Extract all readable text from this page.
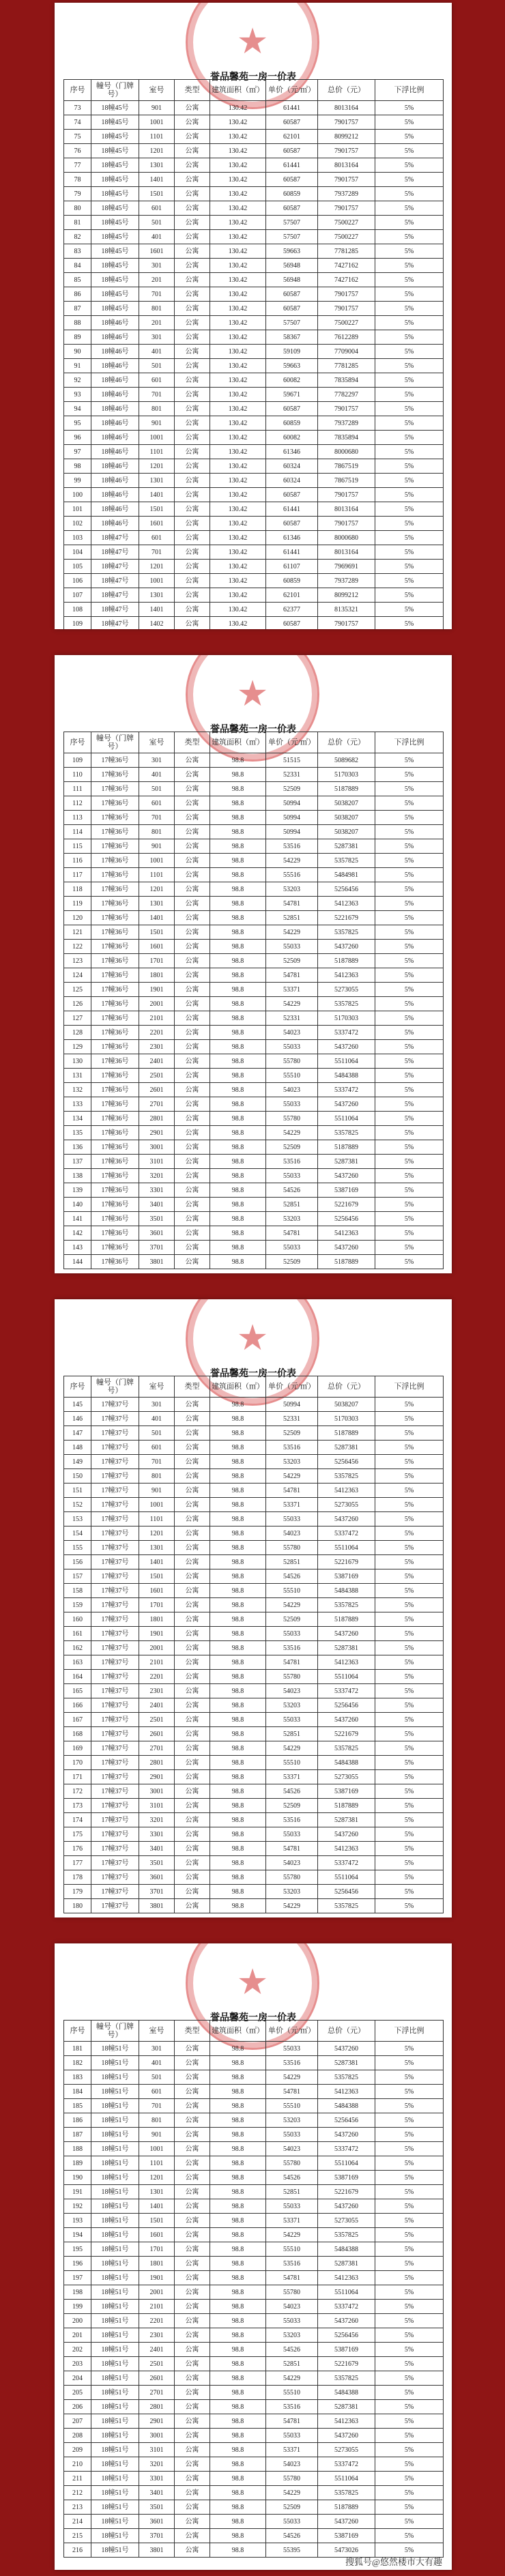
★
誉品馨苑一房一价表
序号	幢号（门牌号）	室号	类型	建筑面积（㎡）	单价（元/㎡）	总价（元）	下浮比例
73	18幢45号	901	公寓	130.42	61441	8013164	5%
74	18幢45号	1001	公寓	130.42	60587	7901757	5%
75	18幢45号	1101	公寓	130.42	62101	8099212	5%
76	18幢45号	1201	公寓	130.42	60587	7901757	5%
77	18幢45号	1301	公寓	130.42	61441	8013164	5%
78	18幢45号	1401	公寓	130.42	60587	7901757	5%
79	18幢45号	1501	公寓	130.42	60859	7937289	5%
80	18幢45号	601	公寓	130.42	60587	7901757	5%
81	18幢45号	501	公寓	130.42	57507	7500227	5%
82	18幢45号	401	公寓	130.42	57507	7500227	5%
83	18幢45号	1601	公寓	130.42	59663	7781285	5%
84	18幢45号	301	公寓	130.42	56948	7427162	5%
85	18幢45号	201	公寓	130.42	56948	7427162	5%
86	18幢45号	701	公寓	130.42	60587	7901757	5%
87	18幢45号	801	公寓	130.42	60587	7901757	5%
88	18幢46号	201	公寓	130.42	57507	7500227	5%
89	18幢46号	301	公寓	130.42	58367	7612289	5%
90	18幢46号	401	公寓	130.42	59109	7709004	5%
91	18幢46号	501	公寓	130.42	59663	7781285	5%
92	18幢46号	601	公寓	130.42	60082	7835894	5%
93	18幢46号	701	公寓	130.42	59671	7782297	5%
94	18幢46号	801	公寓	130.42	60587	7901757	5%
95	18幢46号	901	公寓	130.42	60859	7937289	5%
96	18幢46号	1001	公寓	130.42	60082	7835894	5%
97	18幢46号	1101	公寓	130.42	61346	8000680	5%
98	18幢46号	1201	公寓	130.42	60324	7867519	5%
99	18幢46号	1301	公寓	130.42	60324	7867519	5%
100	18幢46号	1401	公寓	130.42	60587	7901757	5%
101	18幢46号	1501	公寓	130.42	61441	8013164	5%
102	18幢46号	1601	公寓	130.42	60587	7901757	5%
103	18幢47号	601	公寓	130.42	61346	8000680	5%
104	18幢47号	701	公寓	130.42	61441	8013164	5%
105	18幢47号	1201	公寓	130.42	61107	7969691	5%
106	18幢47号	1001	公寓	130.42	60859	7937289	5%
107	18幢47号	1301	公寓	130.42	62101	8099212	5%
108	18幢47号	1401	公寓	130.42	62377	8135321	5%
109	18幢47号	1402	公寓	130.42	60587	7901757	5%
★
誉品馨苑一房一价表
序号	幢号（门牌号）	室号	类型	建筑面积（㎡）	单价（元/㎡）	总价（元）	下浮比例
109	17幢36号	301	公寓	98.8	51515	5089682	5%
110	17幢36号	401	公寓	98.8	52331	5170303	5%
111	17幢36号	501	公寓	98.8	52509	5187889	5%
112	17幢36号	601	公寓	98.8	50994	5038207	5%
113	17幢36号	701	公寓	98.8	50994	5038207	5%
114	17幢36号	801	公寓	98.8	50994	5038207	5%
115	17幢36号	901	公寓	98.8	53516	5287381	5%
116	17幢36号	1001	公寓	98.8	54229	5357825	5%
117	17幢36号	1101	公寓	98.8	55516	5484981	5%
118	17幢36号	1201	公寓	98.8	53203	5256456	5%
119	17幢36号	1301	公寓	98.8	54781	5412363	5%
120	17幢36号	1401	公寓	98.8	52851	5221679	5%
121	17幢36号	1501	公寓	98.8	54229	5357825	5%
122	17幢36号	1601	公寓	98.8	55033	5437260	5%
123	17幢36号	1701	公寓	98.8	52509	5187889	5%
124	17幢36号	1801	公寓	98.8	54781	5412363	5%
125	17幢36号	1901	公寓	98.8	53371	5273055	5%
126	17幢36号	2001	公寓	98.8	54229	5357825	5%
127	17幢36号	2101	公寓	98.8	52331	5170303	5%
128	17幢36号	2201	公寓	98.8	54023	5337472	5%
129	17幢36号	2301	公寓	98.8	55033	5437260	5%
130	17幢36号	2401	公寓	98.8	55780	5511064	5%
131	17幢36号	2501	公寓	98.8	55510	5484388	5%
132	17幢36号	2601	公寓	98.8	54023	5337472	5%
133	17幢36号	2701	公寓	98.8	55033	5437260	5%
134	17幢36号	2801	公寓	98.8	55780	5511064	5%
135	17幢36号	2901	公寓	98.8	54229	5357825	5%
136	17幢36号	3001	公寓	98.8	52509	5187889	5%
137	17幢36号	3101	公寓	98.8	53516	5287381	5%
138	17幢36号	3201	公寓	98.8	55033	5437260	5%
139	17幢36号	3301	公寓	98.8	54526	5387169	5%
140	17幢36号	3401	公寓	98.8	52851	5221679	5%
141	17幢36号	3501	公寓	98.8	53203	5256456	5%
142	17幢36号	3601	公寓	98.8	54781	5412363	5%
143	17幢36号	3701	公寓	98.8	55033	5437260	5%
144	17幢36号	3801	公寓	98.8	52509	5187889	5%
★
誉品馨苑一房一价表
序号	幢号（门牌号）	室号	类型	建筑面积（㎡）	单价（元/㎡）	总价（元）	下浮比例
145	17幢37号	301	公寓	98.8	50994	5038207	5%
146	17幢37号	401	公寓	98.8	52331	5170303	5%
147	17幢37号	501	公寓	98.8	52509	5187889	5%
148	17幢37号	601	公寓	98.8	53516	5287381	5%
149	17幢37号	701	公寓	98.8	53203	5256456	5%
150	17幢37号	801	公寓	98.8	54229	5357825	5%
151	17幢37号	901	公寓	98.8	54781	5412363	5%
152	17幢37号	1001	公寓	98.8	53371	5273055	5%
153	17幢37号	1101	公寓	98.8	55033	5437260	5%
154	17幢37号	1201	公寓	98.8	54023	5337472	5%
155	17幢37号	1301	公寓	98.8	55780	5511064	5%
156	17幢37号	1401	公寓	98.8	52851	5221679	5%
157	17幢37号	1501	公寓	98.8	54526	5387169	5%
158	17幢37号	1601	公寓	98.8	55510	5484388	5%
159	17幢37号	1701	公寓	98.8	54229	5357825	5%
160	17幢37号	1801	公寓	98.8	52509	5187889	5%
161	17幢37号	1901	公寓	98.8	55033	5437260	5%
162	17幢37号	2001	公寓	98.8	53516	5287381	5%
163	17幢37号	2101	公寓	98.8	54781	5412363	5%
164	17幢37号	2201	公寓	98.8	55780	5511064	5%
165	17幢37号	2301	公寓	98.8	54023	5337472	5%
166	17幢37号	2401	公寓	98.8	53203	5256456	5%
167	17幢37号	2501	公寓	98.8	55033	5437260	5%
168	17幢37号	2601	公寓	98.8	52851	5221679	5%
169	17幢37号	2701	公寓	98.8	54229	5357825	5%
170	17幢37号	2801	公寓	98.8	55510	5484388	5%
171	17幢37号	2901	公寓	98.8	53371	5273055	5%
172	17幢37号	3001	公寓	98.8	54526	5387169	5%
173	17幢37号	3101	公寓	98.8	52509	5187889	5%
174	17幢37号	3201	公寓	98.8	53516	5287381	5%
175	17幢37号	3301	公寓	98.8	55033	5437260	5%
176	17幢37号	3401	公寓	98.8	54781	5412363	5%
177	17幢37号	3501	公寓	98.8	54023	5337472	5%
178	17幢37号	3601	公寓	98.8	55780	5511064	5%
179	17幢37号	3701	公寓	98.8	53203	5256456	5%
180	17幢37号	3801	公寓	98.8	54229	5357825	5%
★
誉品馨苑一房一价表
序号	幢号（门牌号）	室号	类型	建筑面积（㎡）	单价（元/㎡）	总价（元）	下浮比例
181	18幢51号	301	公寓	98.8	55033	5437260	5%
182	18幢51号	401	公寓	98.8	53516	5287381	5%
183	18幢51号	501	公寓	98.8	54229	5357825	5%
184	18幢51号	601	公寓	98.8	54781	5412363	5%
185	18幢51号	701	公寓	98.8	55510	5484388	5%
186	18幢51号	801	公寓	98.8	53203	5256456	5%
187	18幢51号	901	公寓	98.8	55033	5437260	5%
188	18幢51号	1001	公寓	98.8	54023	5337472	5%
189	18幢51号	1101	公寓	98.8	55780	5511064	5%
190	18幢51号	1201	公寓	98.8	54526	5387169	5%
191	18幢51号	1301	公寓	98.8	52851	5221679	5%
192	18幢51号	1401	公寓	98.8	55033	5437260	5%
193	18幢51号	1501	公寓	98.8	53371	5273055	5%
194	18幢51号	1601	公寓	98.8	54229	5357825	5%
195	18幢51号	1701	公寓	98.8	55510	5484388	5%
196	18幢51号	1801	公寓	98.8	53516	5287381	5%
197	18幢51号	1901	公寓	98.8	54781	5412363	5%
198	18幢51号	2001	公寓	98.8	55780	5511064	5%
199	18幢51号	2101	公寓	98.8	54023	5337472	5%
200	18幢51号	2201	公寓	98.8	55033	5437260	5%
201	18幢51号	2301	公寓	98.8	53203	5256456	5%
202	18幢51号	2401	公寓	98.8	54526	5387169	5%
203	18幢51号	2501	公寓	98.8	52851	5221679	5%
204	18幢51号	2601	公寓	98.8	54229	5357825	5%
205	18幢51号	2701	公寓	98.8	55510	5484388	5%
206	18幢51号	2801	公寓	98.8	53516	5287381	5%
207	18幢51号	2901	公寓	98.8	54781	5412363	5%
208	18幢51号	3001	公寓	98.8	55033	5437260	5%
209	18幢51号	3101	公寓	98.8	53371	5273055	5%
210	18幢51号	3201	公寓	98.8	54023	5337472	5%
211	18幢51号	3301	公寓	98.8	55780	5511064	5%
212	18幢51号	3401	公寓	98.8	54229	5357825	5%
213	18幢51号	3501	公寓	98.8	52509	5187889	5%
214	18幢51号	3601	公寓	98.8	55033	5437260	5%
215	18幢51号	3701	公寓	98.8	54526	5387169	5%
216	18幢51号	3801	公寓	98.8	55395	5473026	5%
搜狐号@悠然楼市大有趣
